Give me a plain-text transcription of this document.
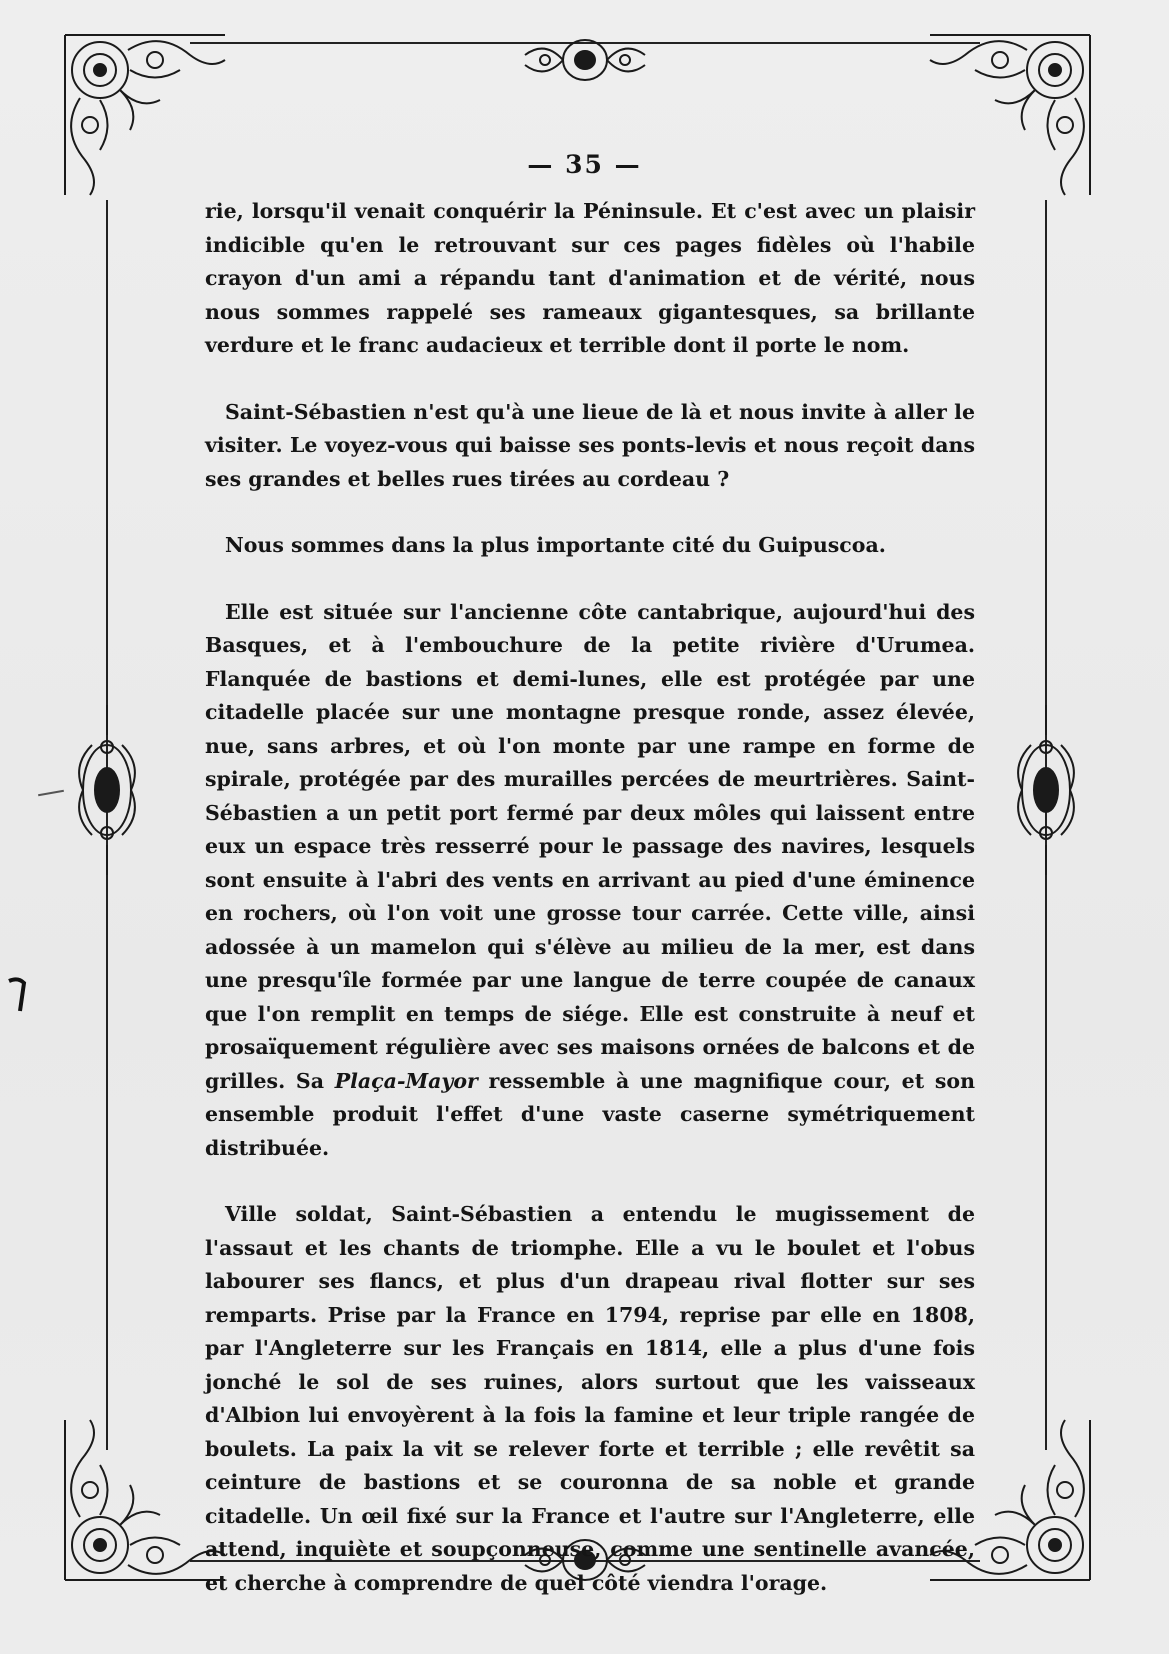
— 35 —

rie, lorsqu'il venait conquérir la Péninsule. Et c'est avec un plaisir indicible qu'en le retrouvant sur ces pages fidèles où l'habile crayon d'un ami a répandu tant d'animation et de vérité, nous nous sommes rappelé ses rameaux gigantesques, sa brillante verdure et le franc audacieux et terrible dont il porte le nom.

Saint-Sébastien n'est qu'à une lieue de là et nous invite à aller le visiter. Le voyez-vous qui baisse ses ponts-levis et nous reçoit dans ses grandes et belles rues tirées au cordeau ?

Nous sommes dans la plus importante cité du Guipuscoa.

Elle est située sur l'ancienne côte cantabrique, aujourd'hui des Basques, et à l'embouchure de la petite rivière d'Urumea. Flanquée de bastions et demi-lunes, elle est protégée par une citadelle placée sur une montagne presque ronde, assez élevée, nue, sans arbres, et où l'on monte par une rampe en forme de spirale, protégée par des murailles percées de meurtrières. Saint-Sébastien a un petit port fermé par deux môles qui laissent entre eux un espace très resserré pour le passage des navires, lesquels sont ensuite à l'abri des vents en arrivant au pied d'une éminence en rochers, où l'on voit une grosse tour carrée. Cette ville, ainsi adossée à un mamelon qui s'élève au milieu de la mer, est dans une presqu'île formée par une langue de terre coupée de canaux que l'on remplit en temps de siége. Elle est construite à neuf et prosaïquement régulière avec ses maisons ornées de balcons et de grilles. Sa Plaça-Mayor ressemble à une magnifique cour, et son ensemble produit l'effet d'une vaste caserne symétriquement distribuée.

Ville soldat, Saint-Sébastien a entendu le mugissement de l'assaut et les chants de triomphe. Elle a vu le boulet et l'obus labourer ses flancs, et plus d'un drapeau rival flotter sur ses remparts. Prise par la France en 1794, reprise par elle en 1808, par l'Angleterre sur les Français en 1814, elle a plus d'une fois jonché le sol de ses ruines, alors surtout que les vaisseaux d'Albion lui envoyèrent à la fois la famine et leur triple rangée de boulets. La paix la vit se relever forte et terrible ; elle revêtit sa ceinture de bastions et se couronna de sa noble et grande citadelle. Un œil fixé sur la France et l'autre sur l'Angleterre, elle attend, inquiète et soupçonneuse, comme une sentinelle avancée, et cherche à comprendre de quel côté viendra l'orage.
